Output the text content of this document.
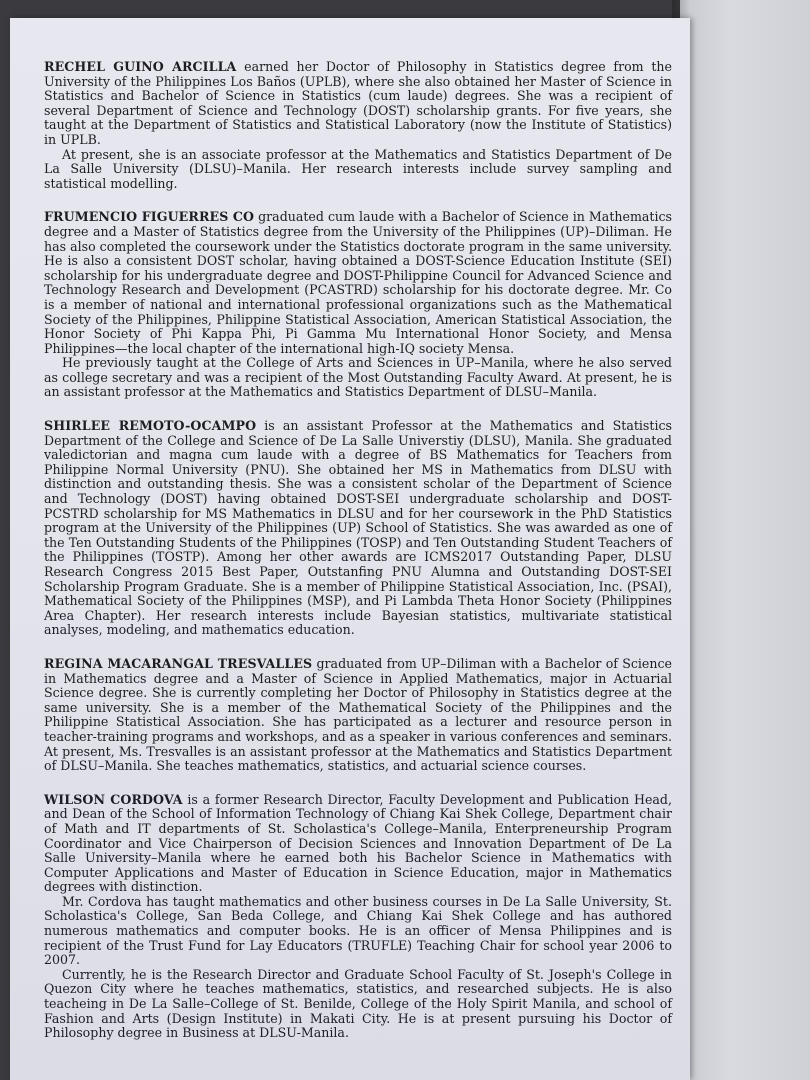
RECHEL GUINO ARCILLA earned her Doctor of Philosophy in Statistics degree from the University of the Philippines Los Baños (UPLB), where she also obtained her Master of Science in Statistics and Bachelor of Science in Statistics (cum laude) degrees. She was a recipient of several Department of Science and Technology (DOST) scholarship grants. For five years, she taught at the Department of Statistics and Statistical Laboratory (now the Institute of Statistics) in UPLB.

At present, she is an associate professor at the Mathematics and Statistics Department of De La Salle University (DLSU)–Manila. Her research interests include survey sampling and statistical modelling.

FRUMENCIO FIGUERRES CO graduated cum laude with a Bachelor of Science in Mathematics degree and a Master of Statistics degree from the University of the Philippines (UP)–Diliman. He has also completed the coursework under the Statistics doctorate program in the same university. He is also a consistent DOST scholar, having obtained a DOST-Science Education Institute (SEI) scholarship for his undergraduate degree and DOST-Philippine Council for Advanced Science and Technology Research and Development (PCASTRD) scholarship for his doctorate degree. Mr. Co is a member of national and international professional organizations such as the Mathematical Society of the Philippines, Philippine Statistical Association, American Statistical Association, the Honor Society of Phi Kappa Phi, Pi Gamma Mu International Honor Society, and Mensa Philippines—the local chapter of the international high-IQ society Mensa.

He previously taught at the College of Arts and Sciences in UP–Manila, where he also served as college secretary and was a recipient of the Most Outstanding Faculty Award. At present, he is an assistant professor at the Mathematics and Statistics Department of DLSU–Manila.

SHIRLEE REMOTO-OCAMPO is an assistant Professor at the Mathematics and Statistics Department of the College and Science of De La Salle Universtiy (DLSU), Manila. She graduated valedictorian and magna cum laude with a degree of BS Mathematics for Teachers from Philippine Normal University (PNU). She obtained her MS in Mathematics from DLSU with distinction and outstanding thesis. She was a consistent scholar of the Department of Science and Technology (DOST) having obtained DOST-SEI undergraduate scholarship and DOST-PCSTRD scholarship for MS Mathematics in DLSU and for her coursework in the PhD Statistics program at the University of the Philippines (UP) School of Statistics. She was awarded as one of the Ten Outstanding Students of the Philippines (TOSP) and Ten Outstanding Student Teachers of the Philippines (TOSTP). Among her other awards are ICMS2017 Outstanding Paper, DLSU Research Congress 2015 Best Paper, Outstanfing PNU Alumna and Outstanding DOST-SEI Scholarship Program Graduate. She is a member of Philippine Statistical Association, Inc. (PSAI), Mathematical Society of the Philippines (MSP), and Pi Lambda Theta Honor Society (Philippines Area Chapter). Her research interests include Bayesian statistics, multivariate statistical analyses, modeling, and mathematics education.

REGINA MACARANGAL TRESVALLES graduated from UP–Diliman with a Bachelor of Science in Mathematics degree and a Master of Science in Applied Mathematics, major in Actuarial Science degree. She is currently completing her Doctor of Philosophy in Statistics degree at the same university. She is a member of the Mathematical Society of the Philippines and the Philippine Statistical Association. She has participated as a lecturer and resource person in teacher-training programs and workshops, and as a speaker in various conferences and seminars. At present, Ms. Tresvalles is an assistant professor at the Mathematics and Statistics Department of DLSU–Manila. She teaches mathematics, statistics, and actuarial science courses.

WILSON CORDOVA is a former Research Director, Faculty Development and Publication Head, and Dean of the School of Information Technology of Chiang Kai Shek College, Department chair of Math and IT departments of St. Scholastica's College–Manila, Enterpreneurship Program Coordinator and Vice Chairperson of Decision Sciences and Innovation Department of De La Salle University–Manila where he earned both his Bachelor Science in Mathematics with Computer Applications and Master of Education in Science Education, major in Mathematics degrees with distinction.

Mr. Cordova has taught mathematics and other business courses in De La Salle University, St. Scholastica's College, San Beda College, and Chiang Kai Shek College and has authored numerous mathematics and computer books. He is an officer of Mensa Philippines and is recipient of the Trust Fund for Lay Educators (TRUFLE) Teaching Chair for school year 2006 to 2007.

Currently, he is the Research Director and Graduate School Faculty of St. Joseph's College in Quezon City where he teaches mathematics, statistics, and researched subjects. He is also teacheing in De La Salle–College of St. Benilde, College of the Holy Spirit Manila, and school of Fashion and Arts (Design Institute) in Makati City. He is at present pursuing his Doctor of Philosophy degree in Business at DLSU-Manila.
